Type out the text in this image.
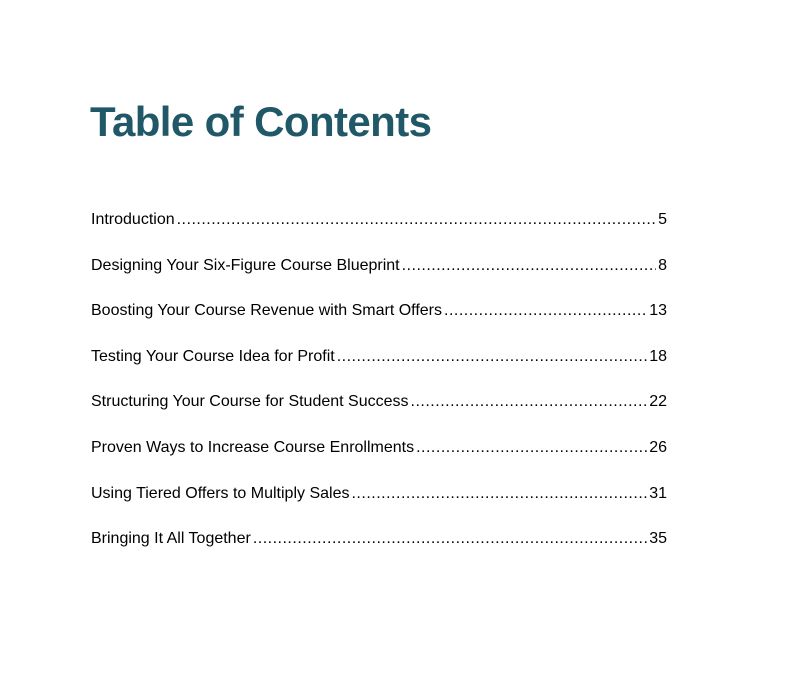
Table of Contents
Introduction .....	5
Designing Your Six-Figure Course Blueprint .....	8
Boosting Your Course Revenue with Smart Offers .....	13
Testing Your Course Idea for Profit .....	18
Structuring Your Course for Student Success .....	22
Proven Ways to Increase Course Enrollments .....	26
Using Tiered Offers to Multiply Sales .....	31
Bringing It All Together .....	35
